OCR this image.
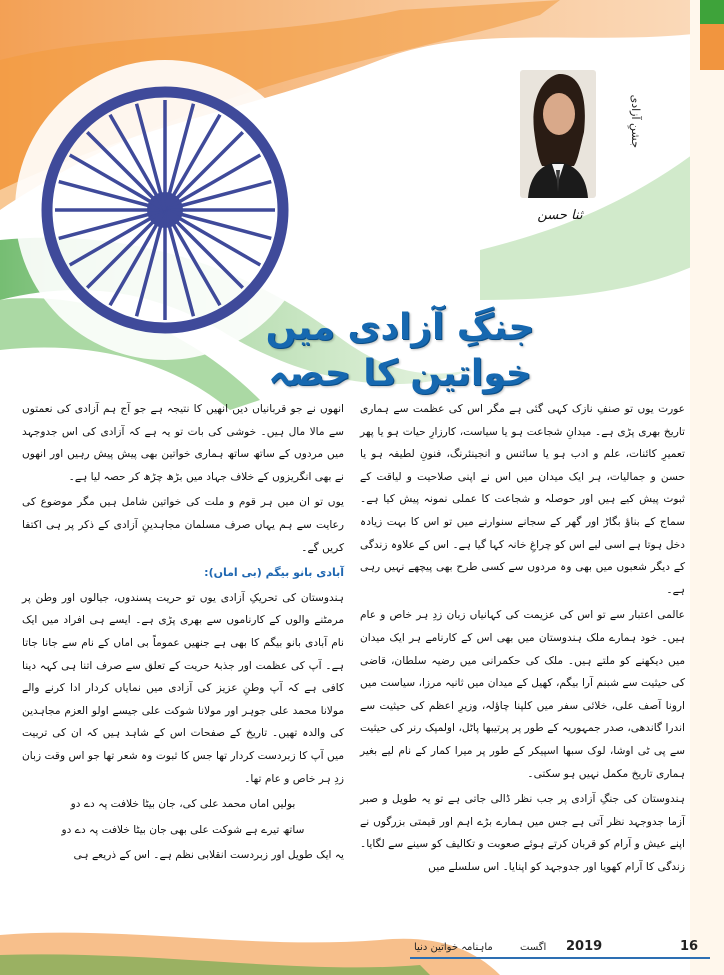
جشنِ آزادی
ثنا حسن
جنگِ آزادی میں خواتین کا حصہ

عورت یوں تو صنفِ نازک کہی گئی ہے مگر اس کی عظمت سے ہماری تاریخ بھری پڑی ہے۔ میدانِ شجاعت ہو یا سیاست، کارزارِ حیات ہو یا پھر تعمیرِ کائنات، علم و ادب ہو یا سائنس و انجینئرنگ، فنونِ لطیفہ ہو یا حسن و جمالیات، ہر ایک میدان میں اس نے اپنی صلاحیت و لیاقت کے ثبوت پیش کیے ہیں اور حوصلہ و شجاعت کا عملی نمونہ پیش کیا ہے۔ سماج کے بناؤ بگاڑ اور گھر کے سجانے سنوارنے میں تو اس کا بہت زیادہ دخل ہوتا ہے اسی لیے اس کو چراغِ خانہ کہا گیا ہے۔ اس کے علاوہ زندگی کے دیگر شعبوں میں بھی وہ مردوں سے کسی طرح بھی پیچھے نہیں رہی ہے۔

عالمی اعتبار سے تو اس کی عزیمت کی کہانیاں زبان زدِ ہر خاص و عام ہیں۔ خود ہمارے ملک ہندوستان میں بھی اس کے کارنامے ہر ایک میدان میں دیکھنے کو ملتے ہیں۔ ملک کی حکمرانی میں رضیہ سلطان، قاضی کی حیثیت سے شبنم آرا بیگم، کھیل کے میدان میں ثانیہ مرزا، سیاست میں ارونا آصف علی، خلائی سفر میں کلپنا چاؤلہ، وزیرِ اعظم کی حیثیت سے اندرا گاندھی، صدر جمہوریہ کے طور پر پرتیبھا پاٹل، اولمپک رنر کی حیثیت سے پی ٹی اوشا، لوک سبھا اسپیکر کے طور پر میرا کمار کے نام لیے بغیر ہماری تاریخ مکمل نہیں ہو سکتی۔

ہندوستان کی جنگِ آزادی پر جب نظر ڈالی جاتی ہے تو یہ طویل و صبر آزما جدوجہد نظر آتی ہے جس میں ہمارے بڑے اہم اور قیمتی بزرگوں نے اپنے عیش و آرام کو قربان کرتے ہوئے صعوبت و تکالیف کو سینے سے لگایا۔ زندگی کا آرام کھویا اور جدوجہد کو اپنایا۔ اس سلسلے میں

انھوں نے جو قربانیاں دیں انھیں کا نتیجہ ہے جو آج ہم آزادی کی نعمتوں سے مالا مال ہیں۔ خوشی کی بات تو یہ ہے کہ آزادی کی اس جدوجہد میں مردوں کے ساتھ ساتھ ہماری خواتین بھی پیش پیش رہیں اور انھوں نے بھی انگریزوں کے خلاف جہاد میں بڑھ چڑھ کر حصہ لیا ہے۔

یوں تو ان میں ہر قوم و ملت کی خواتین شامل ہیں مگر موضوع کی رعایت سے ہم یہاں صرف مسلمان مجاہدینِ آزادی کے ذکر پر ہی اکتفا کریں گے۔

آبادی بانو بیگم (بی اماں):

ہندوستان کی تحریکِ آزادی یوں تو حریت پسندوں، جیالوں اور وطن پر مرمٹنے والوں کے کارناموں سے بھری پڑی ہے۔ ایسے ہی افراد میں ایک نام آبادی بانو بیگم کا بھی ہے جنھیں عموماً بی اماں کے نام سے جانا جاتا ہے۔ آپ کی عظمت اور جذبۂ حریت کے تعلق سے صرف اتنا ہی کہہ دینا کافی ہے کہ آپ وطنِ عزیز کی آزادی میں نمایاں کردار ادا کرنے والے مولانا محمد علی جوہر اور مولانا شوکت علی جیسے اولو العزم مجاہدین کی والدہ تھیں۔ تاریخ کے صفحات اس کے شاہد ہیں کہ ان کی تربیت میں آپ کا زبردست کردار تھا جس کا ثبوت وہ شعر تھا جو اس وقت زبان زدِ ہر خاص و عام تھا۔

بولیں اماں محمد علی کی، جان بیٹا خلافت پہ دے دو

ساتھ تیرے ہے شوکت علی بھی جان بیٹا خلافت پہ دے دو

یہ ایک طویل اور زبردست انقلابی نظم ہے۔ اس کے ذریعے ہی

16
2019
اگست
ماہنامہ خواتین دنیا
